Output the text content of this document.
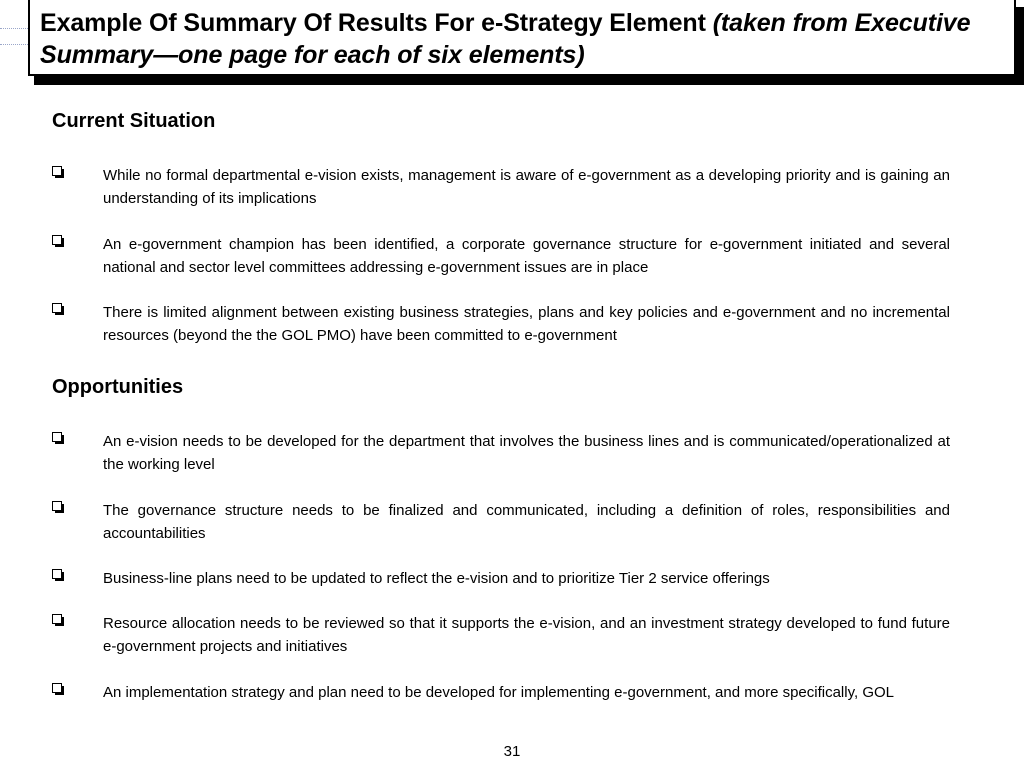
Example Of Summary Of Results For e-Strategy Element (taken from Executive Summary—one page for each of six elements)
Current Situation

While no formal departmental e-vision exists, management is aware of e-government as a developing priority and is gaining an understanding of its implications

An e-government champion has been identified, a corporate governance structure for e-government initiated and several national and sector level committees addressing e-government issues are in place

There is limited alignment between existing business strategies, plans and key policies and e-government and no incremental resources (beyond the the GOL PMO) have been committed to e-government

Opportunities

An e-vision needs to be developed for the department that involves the business lines and is communicated/operationalized at the working level

The governance structure needs to be finalized and communicated, including a definition of roles, responsibilities and accountabilities

Business-line plans need to be updated to reflect the e-vision and to prioritize Tier 2 service offerings

Resource allocation needs to be reviewed so that it supports the e-vision, and an investment strategy developed to fund future e-government projects and initiatives

An implementation strategy and plan need to be developed for implementing e-government, and more specifically, GOL

31
